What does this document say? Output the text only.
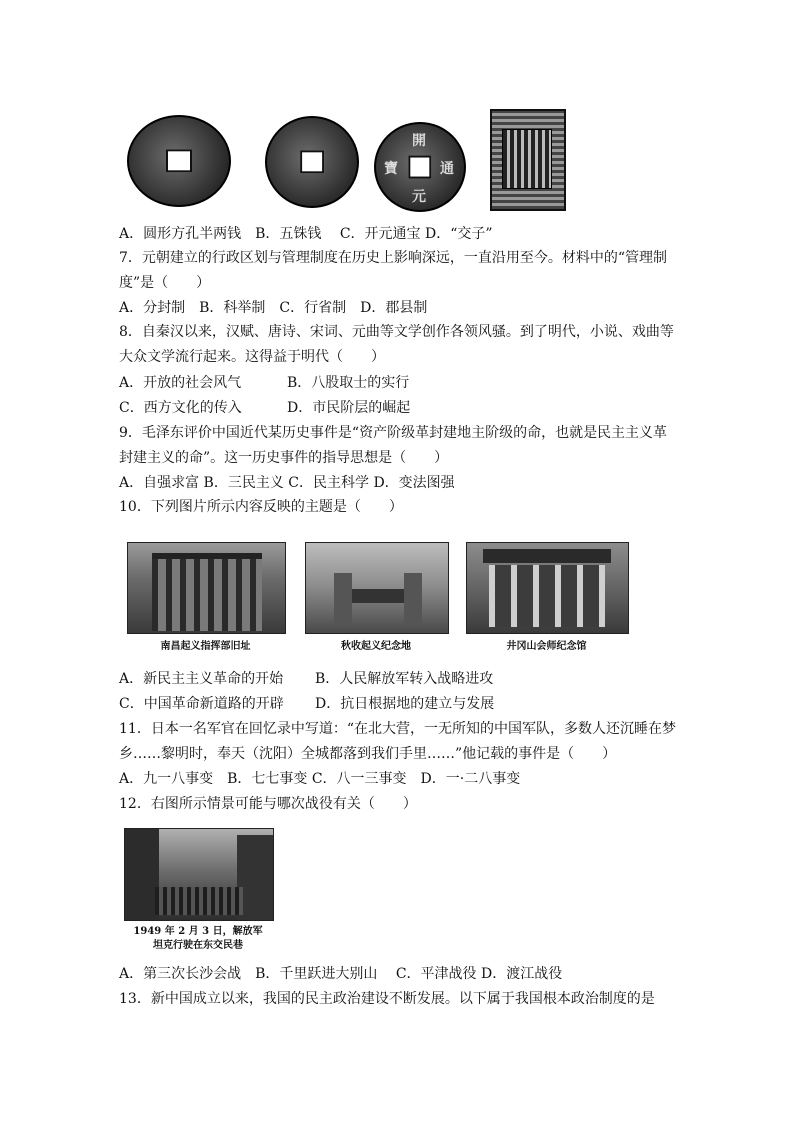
開
通
元
寶
A．圆形方孔半两钱　B．五铢钱　 C．开元通宝 D．“交子”
7．元朝建立的行政区划与管理制度在历史上影响深远，一直沿用至今。材料中的“管理制
度”是（　　）
A．分封制　B．科举制　C．行省制　D．郡县制
8．自秦汉以来，汉赋、唐诗、宋词、元曲等文学创作各领风骚。到了明代，小说、戏曲等
大众文学流行起来。这得益于明代（　　）
A．开放的社会风气	B．八股取士的实行
C．西方文化的传入	D．市民阶层的崛起
9．毛泽东评价中国近代某历史事件是“资产阶级革封建地主阶级的命，也就是民主主义革
封建主义的命”。这一历史事件的指导思想是（　　）
A．自强求富 B．三民主义 C．民主科学 D．变法图强
10．下列图片所示内容反映的主题是（　　）
南昌起义指挥部旧址	秋收起义纪念地	井冈山会师纪念馆
A．新民主主义革命的开始 B．人民解放军转入战略进攻
C．中国革命新道路的开辟 D．抗日根据地的建立与发展
11．日本一名军官在回忆录中写道：“在北大营，一无所知的中国军队，多数人还沉睡在梦
乡……黎明时，奉天（沈阳）全城都落到我们手里……”他记载的事件是（　　）
A．九一八事变　B．七七事变 C．八一三事变　D．一·二八事变
12．右图所示情景可能与哪次战役有关（　　）
1949 年 2 月 3 日，解放军
坦克行驶在东交民巷
A．第三次长沙会战　B．千里跃进大别山　 C．平津战役 D．渡江战役
13．新中国成立以来，我国的民主政治建设不断发展。以下属于我国根本政治制度的是
